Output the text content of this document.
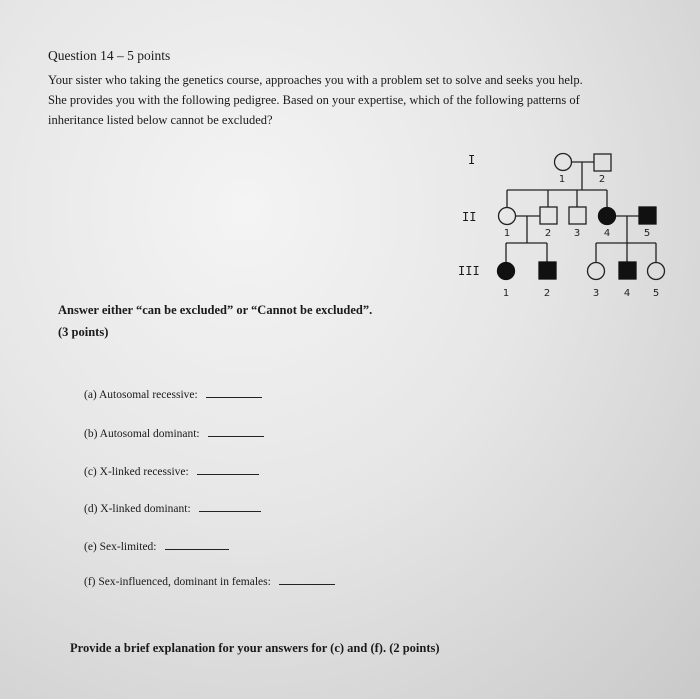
Question 14 – 5 points
Your sister who taking the genetics course, approaches you with a problem set to solve and seeks you help.
She provides you with the following pedigree. Based on your expertise, which of the following patterns of
inheritance listed below cannot be excluded?
I
II
III
1	2
1	2 3 4	5
1	2	3 4 5
Answer either “can be excluded” or “Cannot be excluded”.
(3 points)
(a) Autosomal recessive:
(b) Autosomal dominant:
(c) X-linked recessive:
(d) X-linked dominant:
(e) Sex-limited:
(f) Sex-influenced, dominant in females:
Provide a brief explanation for your answers for (c) and (f). (2 points)
